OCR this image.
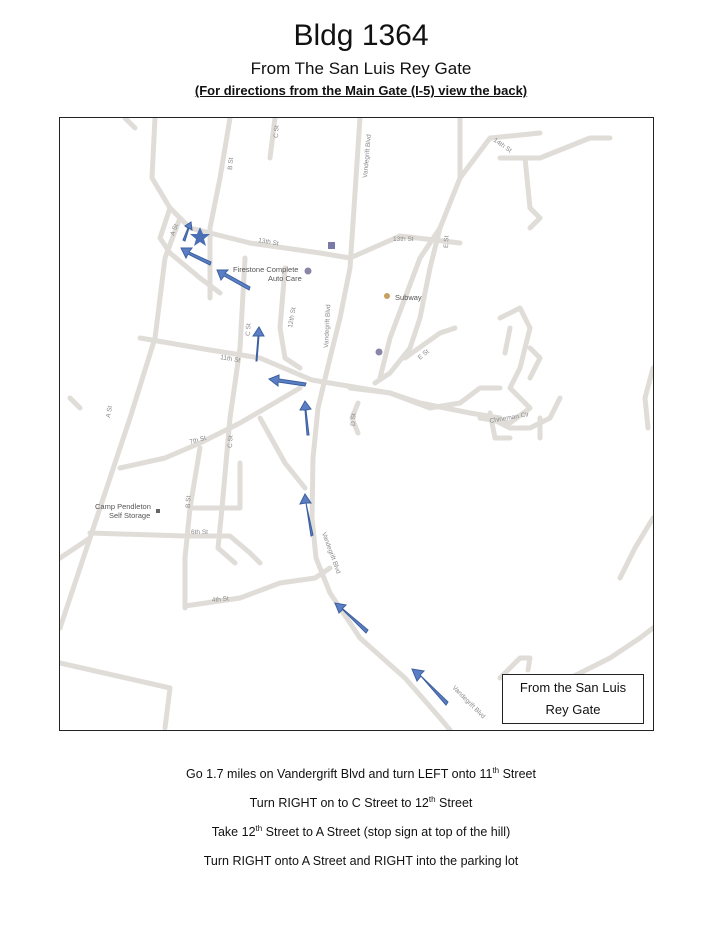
Bldg 1364
From The San Luis Rey Gate
(For directions from the Main Gate (I-5) view the back)
Vandegrift Blvd
Vandegrift Blvd
Vandegrift Blvd
Vandegrift Blvd
14th St
13th St	13th St
12th St
11th St
7th St
6th St
4th St
A St
A St
B St
B St
C St
C St
C St
E St
E St
D St	Chineman Cir
Firestone Complete
Auto Care
Subway
Camp Pendleton
Self Storage
From the San Luis
Rey Gate

Go 1.7 miles on Vandergrift Blvd and turn LEFT onto 11th Street

Turn RIGHT on to C Street to 12th Street

Take 12th Street to A Street (stop sign at top of the hill)

Turn RIGHT onto A Street and RIGHT into the parking lot
